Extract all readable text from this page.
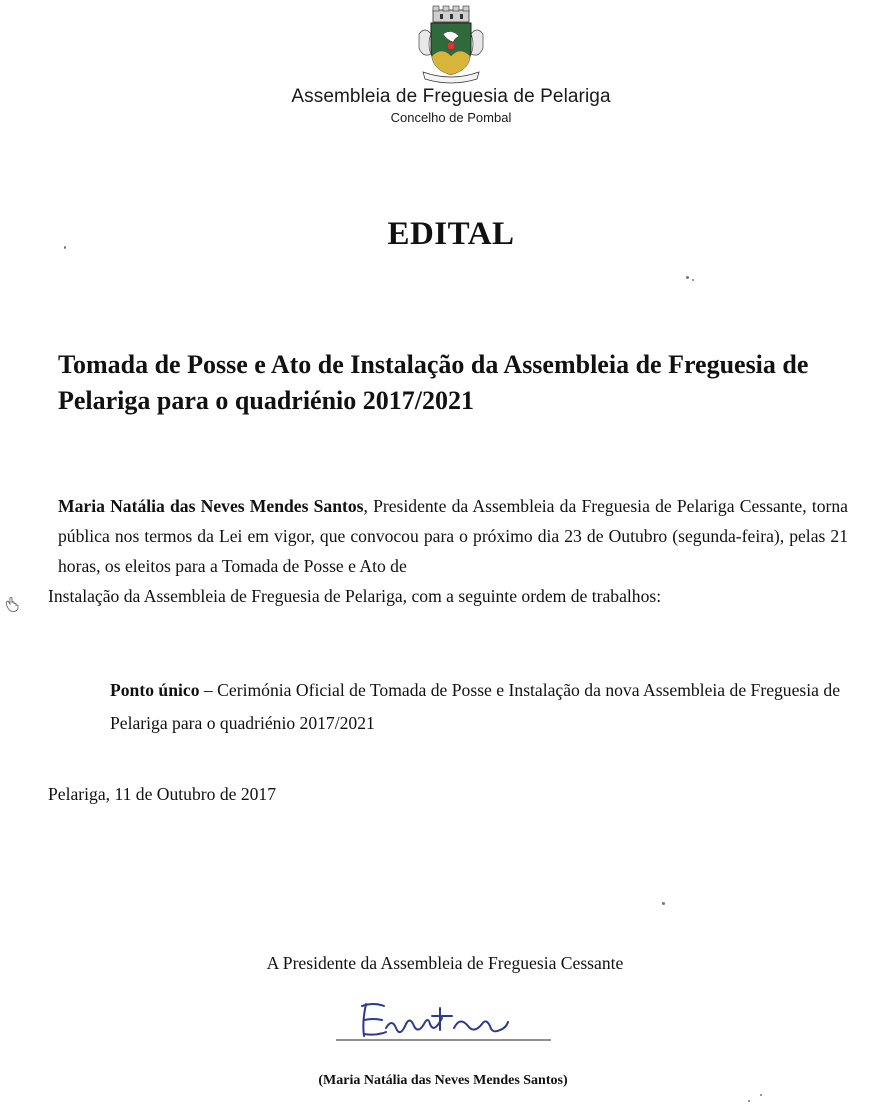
Assembleia de Freguesia de Pelariga
Concelho de Pombal
EDITAL
Tomada de Posse e Ato de Instalação da Assembleia de Freguesia de Pelariga para o quadriénio 2017/2021
Maria Natália das Neves Mendes Santos, Presidente da Assembleia da Freguesia de Pelariga Cessante, torna pública nos termos da Lei em vigor, que convocou para o próximo dia 23 de Outubro (segunda-feira), pelas 21 horas, os eleitos para a Tomada de Posse e Ato de
Instalação da Assembleia de Freguesia de Pelariga, com a seguinte ordem de trabalhos:
Ponto único – Cerimónia Oficial de Tomada de Posse e Instalação da nova Assembleia de Freguesia de Pelariga para o quadriénio 2017/2021
Pelariga, 11 de Outubro de 2017
A Presidente da Assembleia de Freguesia Cessante
(Maria Natália das Neves Mendes Santos)
